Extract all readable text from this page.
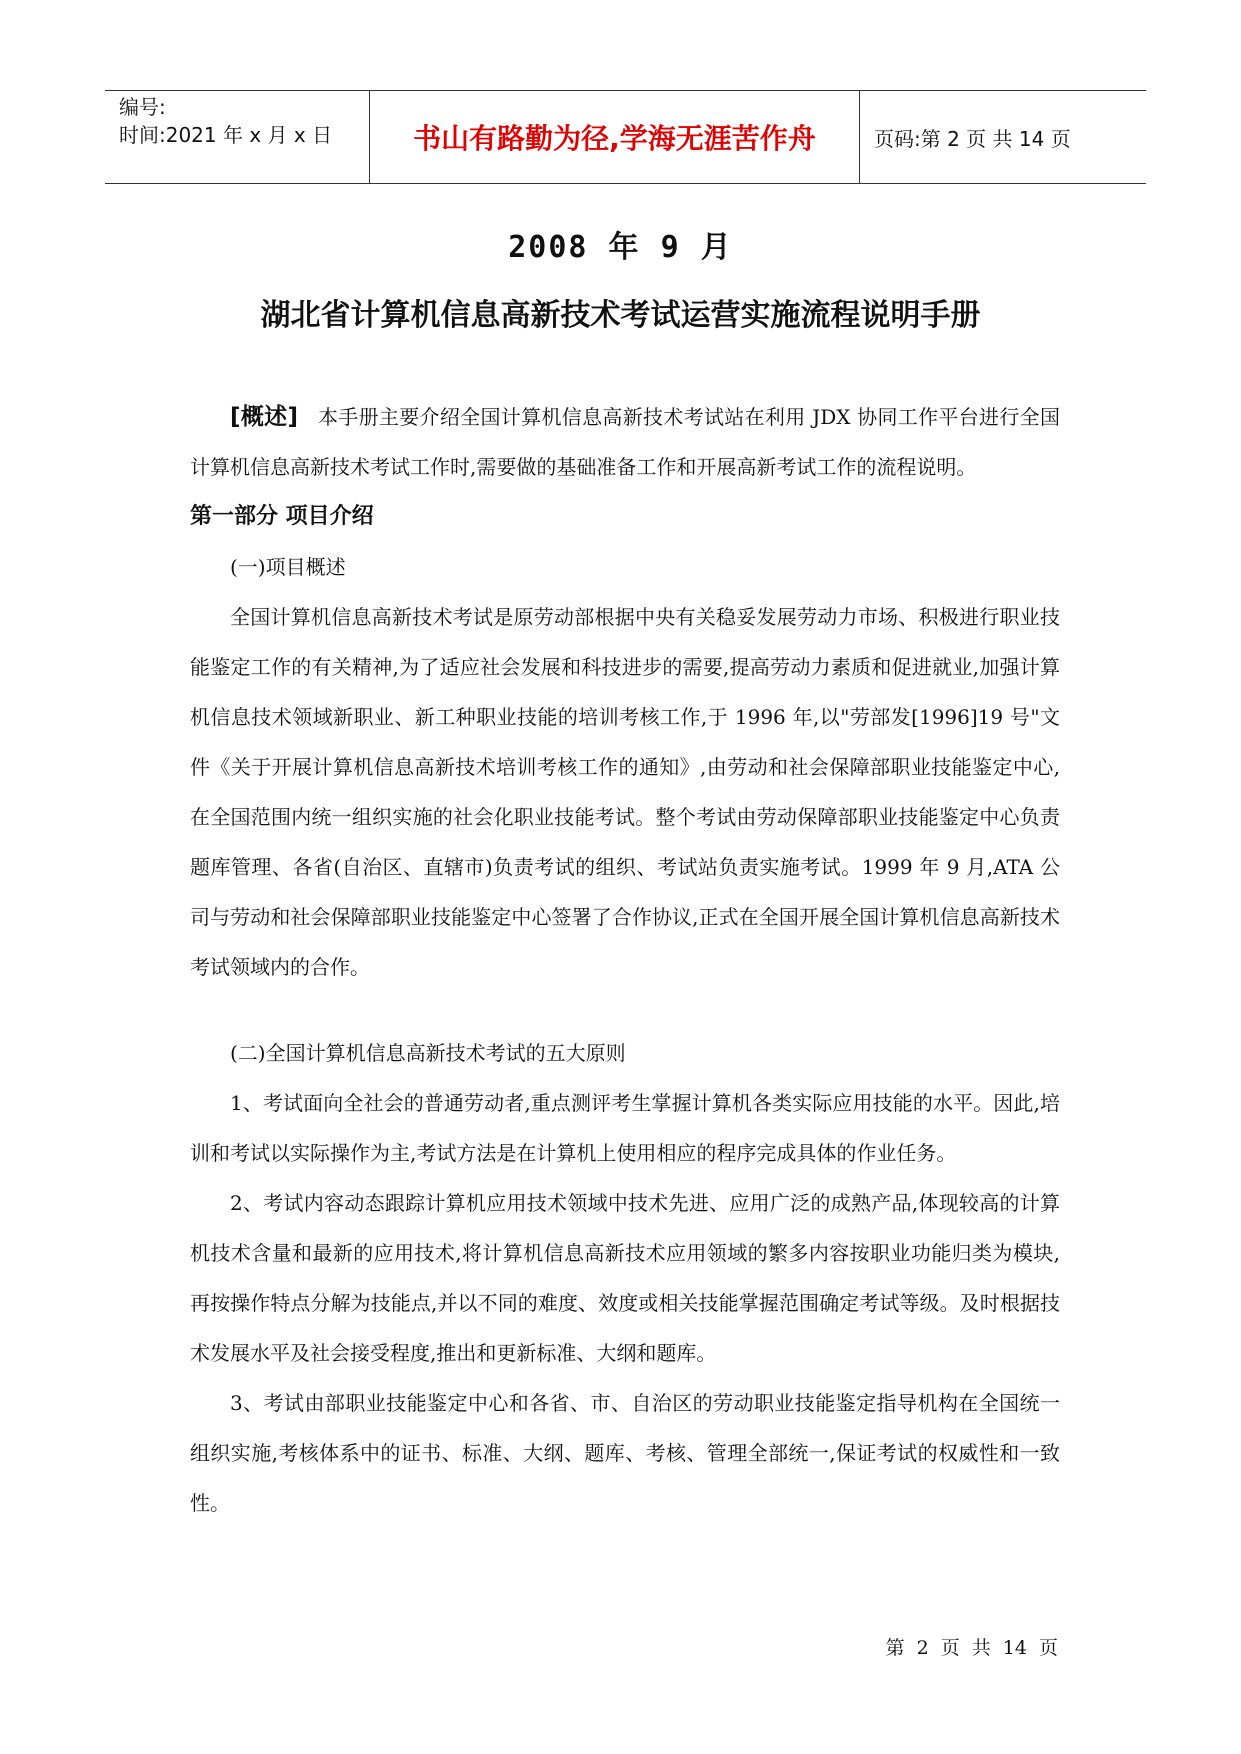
编号:
时间:2021 年 x 月 x 日	书山有路勤为径,学海无涯苦作舟	页码:第 2 页 共 14 页
2008 年 9 月
湖北省计算机信息高新技术考试运营实施流程说明手册

[概述] 本手册主要介绍全国计算机信息高新技术考试站在利用 JDX 协同工作平台进行全国计算机信息高新技术考试工作时,需要做的基础准备工作和开展高新考试工作的流程说明。

第一部分 项目介绍

(一)项目概述

全国计算机信息高新技术考试是原劳动部根据中央有关稳妥发展劳动力市场、积极进行职业技能鉴定工作的有关精神,为了适应社会发展和科技进步的需要,提高劳动力素质和促进就业,加强计算机信息技术领域新职业、新工种职业技能的培训考核工作,于 1996 年,以"劳部发[1996]19 号"文件《关于开展计算机信息高新技术培训考核工作的通知》,由劳动和社会保障部职业技能鉴定中心,在全国范围内统一组织实施的社会化职业技能考试。整个考试由劳动保障部职业技能鉴定中心负责题库管理、各省(自治区、直辖市)负责考试的组织、考试站负责实施考试。1999 年 9 月,ATA 公司与劳动和社会保障部职业技能鉴定中心签署了合作协议,正式在全国开展全国计算机信息高新技术考试领域内的合作。

(二)全国计算机信息高新技术考试的五大原则

1、考试面向全社会的普通劳动者,重点测评考生掌握计算机各类实际应用技能的水平。因此,培训和考试以实际操作为主,考试方法是在计算机上使用相应的程序完成具体的作业任务。

2、考试内容动态跟踪计算机应用技术领域中技术先进、应用广泛的成熟产品,体现较高的计算机技术含量和最新的应用技术,将计算机信息高新技术应用领域的繁多内容按职业功能归类为模块,再按操作特点分解为技能点,并以不同的难度、效度或相关技能掌握范围确定考试等级。及时根据技术发展水平及社会接受程度,推出和更新标准、大纲和题库。

3、考试由部职业技能鉴定中心和各省、市、自治区的劳动职业技能鉴定指导机构在全国统一组织实施,考核体系中的证书、标准、大纲、题库、考核、管理全部统一,保证考试的权威性和一致性。

第 2 页 共 14 页
